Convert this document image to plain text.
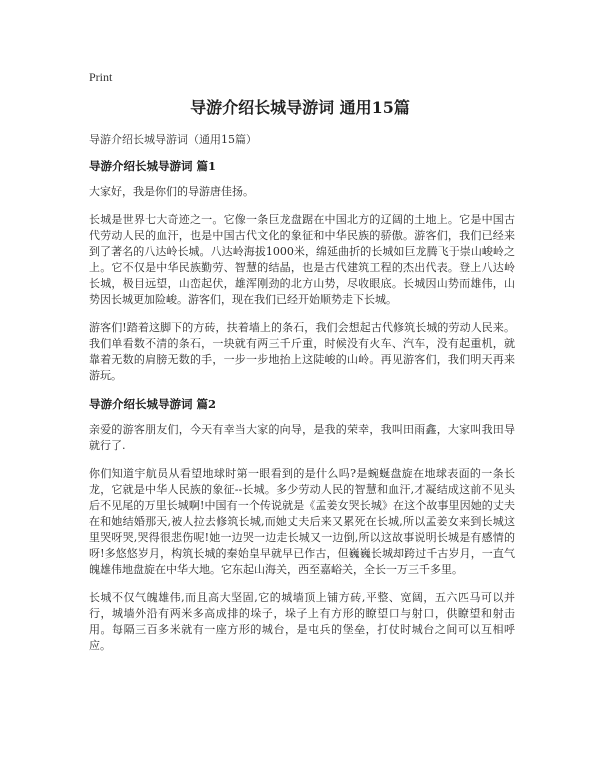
Print
导游介绍长城导游词 通用15篇

导游介绍长城导游词（通用15篇）

导游介绍长城导游词 篇1

大家好，我是你们的导游唐佳扬。

长城是世界七大奇迹之一。它像一条巨龙盘踞在中国北方的辽阔的土地上。它是中国古代劳动人民的血汗，也是中国古代文化的象征和中华民族的骄傲。游客们，我们已经来到了著名的八达岭长城。八达岭海拔1000米，绵延曲折的长城如巨龙腾飞于崇山峻岭之上。它不仅是中华民族勤劳、智慧的结晶，也是古代建筑工程的杰出代表。登上八达岭长城，极目远望，山峦起伏，雄浑刚劲的北方山势，尽收眼底。长城因山势而雄伟，山势因长城更加险峻。游客们，现在我们已经开始顺势走下长城。

游客们!踏着这脚下的方砖，扶着墙上的条石，我们会想起古代修筑长城的劳动人民来。我们单看数不清的条石，一块就有两三千斤重，时候没有火车、汽车，没有起重机，就靠着无数的肩膀无数的手，一步一步地抬上这陡峻的山岭。再见游客们，我们明天再来游玩。

导游介绍长城导游词 篇2

亲爱的游客朋友们，今天有幸当大家的向导，是我的荣幸，我叫田雨鑫，大家叫我田导就行了.

你们知道宇航员从看望地球时第一眼看到的是什么吗?是蜿蜒盘旋在地球表面的一条长龙，它就是中华人民族的象征--长城。多少劳动人民的智慧和血汗,才凝结成这前不见头后不见尾的万里长城啊!中国有一个传说就是《孟姜女哭长城》在这个故事里因她的丈夫在和她结婚那天,被人拉去修筑长城,而她丈夫后来又累死在长城,所以孟姜女来到长城这里哭呀哭,哭得很悲伤呢!她一边哭一边走长城又一边倒,所以这故事说明长城是有感情的呀!多悠悠岁月，构筑长城的秦始皇早就早已作古，但巍巍长城却跨过千古岁月，一直气魄雄伟地盘旋在中华大地。它东起山海关，西至嘉峪关，全长一万三千多里。

长城不仅气魄雄伟,而且高大坚固,它的城墙顶上铺方砖,平整、宽阔，五六匹马可以并行，城墙外沿有两米多高成排的垛子，垛子上有方形的瞭望口与射口，供瞭望和射击用。每隔三百多米就有一座方形的城台，是屯兵的堡垒，打仗时城台之间可以互相呼应。
